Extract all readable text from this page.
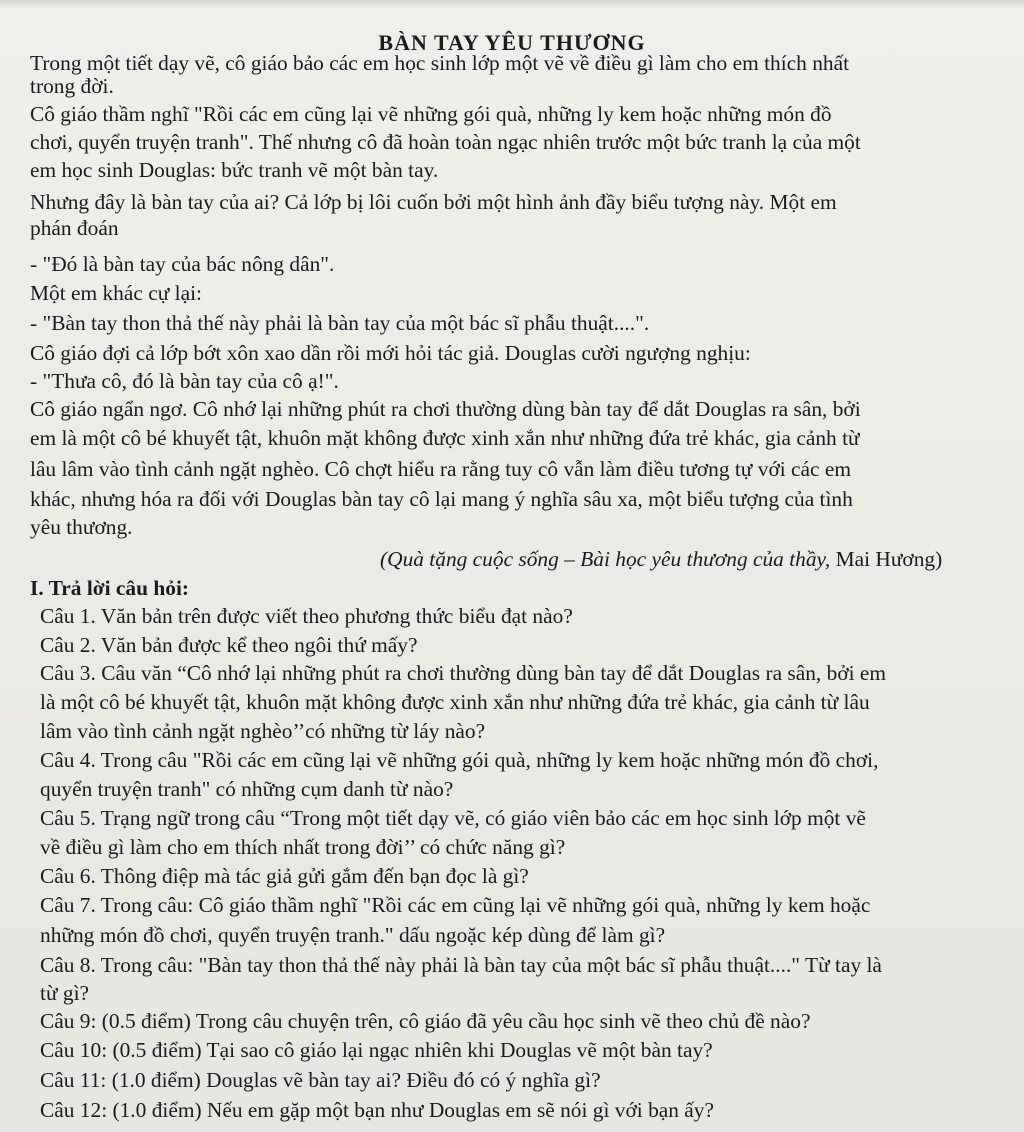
BÀN TAY YÊU THƯƠNG
Trong một tiết dạy vẽ, cô giáo bảo các em học sinh lớp một vẽ về điều gì làm cho em thích nhất
trong đời.
Cô giáo thầm nghĩ "Rồi các em cũng lại vẽ những gói quà, những ly kem hoặc những món đồ
chơi, quyển truyện tranh". Thế nhưng cô đã hoàn toàn ngạc nhiên trước một bức tranh lạ của một
em học sinh Douglas: bức tranh vẽ một bàn tay.
Nhưng đây là bàn tay của ai? Cả lớp bị lôi cuốn bởi một hình ảnh đầy biểu tượng này. Một em
phán đoán
- "Đó là bàn tay của bác nông dân".
Một em khác cự lại:
- "Bàn tay thon thả thế này phải là bàn tay của một bác sĩ phẫu thuật....".
Cô giáo đợi cả lớp bớt xôn xao dần rồi mới hỏi tác giả. Douglas cười ngượng nghịu:
- "Thưa cô, đó là bàn tay của cô ạ!".
Cô giáo ngẩn ngơ. Cô nhớ lại những phút ra chơi thường dùng bàn tay để dắt Douglas ra sân, bởi
em là một cô bé khuyết tật, khuôn mặt không được xinh xắn như những đứa trẻ khác, gia cảnh từ
lâu lâm vào tình cảnh ngặt nghèo. Cô chợt hiểu ra rằng tuy cô vẫn làm điều tương tự với các em
khác, nhưng hóa ra đối với Douglas bàn tay cô lại mang ý nghĩa sâu xa, một biểu tượng của tình
yêu thương.
(Quà tặng cuộc sống – Bài học yêu thương của thầy, Mai Hương)
I. Trả lời câu hỏi:
Câu 1. Văn bản trên được viết theo phương thức biểu đạt nào?
Câu 2. Văn bản được kể theo ngôi thứ mấy?
Câu 3. Câu văn “Cô nhớ lại những phút ra chơi thường dùng bàn tay để dắt Douglas ra sân, bởi em
là một cô bé khuyết tật, khuôn mặt không được xinh xắn như những đứa trẻ khác, gia cảnh từ lâu
lâm vào tình cảnh ngặt nghèo’’có những từ láy nào?
Câu 4. Trong câu "Rồi các em cũng lại vẽ những gói quà, những ly kem hoặc những món đồ chơi,
quyển truyện tranh" có những cụm danh từ nào?
Câu 5. Trạng ngữ trong câu “Trong một tiết dạy vẽ, có giáo viên bảo các em học sinh lớp một vẽ
về điều gì làm cho em thích nhất trong đời’’ có chức năng gì?
Câu 6. Thông điệp mà tác giả gửi gắm đến bạn đọc là gì?
Câu 7. Trong câu: Cô giáo thầm nghĩ "Rồi các em cũng lại vẽ những gói quà, những ly kem hoặc
những món đồ chơi, quyển truyện tranh." dấu ngoặc kép dùng để làm gì?
Câu 8. Trong câu: "Bàn tay thon thả thế này phải là bàn tay của một bác sĩ phẫu thuật...." Từ tay là
từ gì?
Câu 9: (0.5 điểm) Trong câu chuyện trên, cô giáo đã yêu cầu học sinh vẽ theo chủ đề nào?
Câu 10: (0.5 điểm) Tại sao cô giáo lại ngạc nhiên khi Douglas vẽ một bàn tay?
Câu 11: (1.0 điểm) Douglas vẽ bàn tay ai? Điều đó có ý nghĩa gì?
Câu 12: (1.0 điểm) Nếu em gặp một bạn như Douglas em sẽ nói gì với bạn ấy?
